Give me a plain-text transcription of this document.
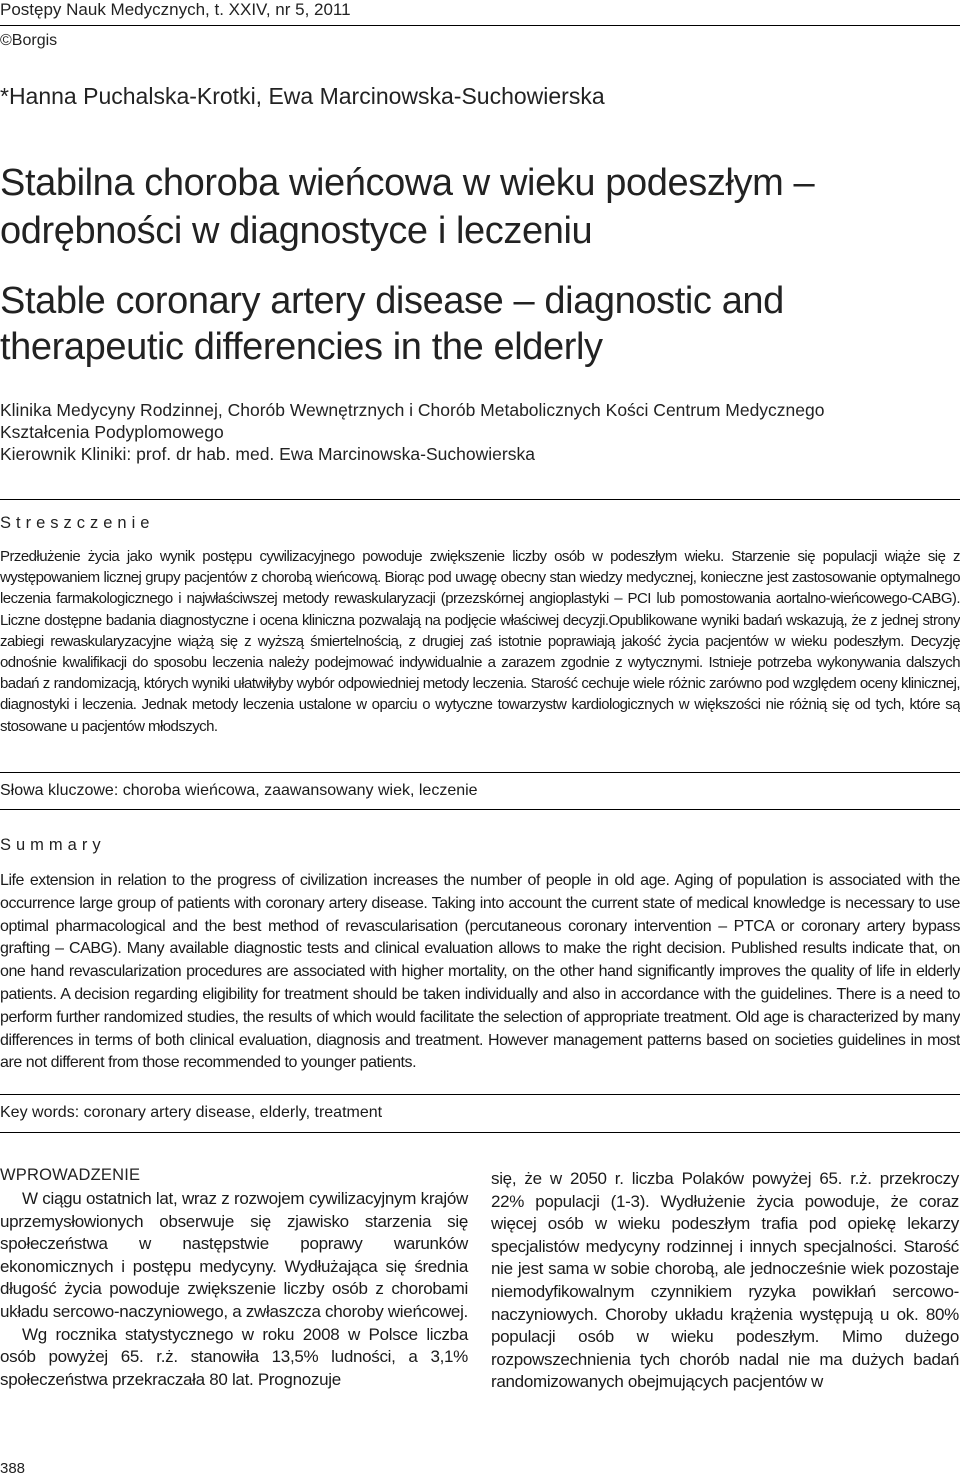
Postępy Nauk Medycznych, t. XXIV, nr 5, 2011
©Borgis
*Hanna Puchalska-Krotki, Ewa Marcinowska-Suchowierska
Stabilna choroba wieńcowa w wieku podeszłym – odrębności w diagnostyce i leczeniu
Stable coronary artery disease – diagnostic and therapeutic differencies in the elderly
Klinika Medycyny Rodzinnej, Chorób Wewnętrznych i Chorób Metabolicznych Kości Centrum Medycznego
Kształcenia Podyplomowego
Kierownik Kliniki: prof. dr hab. med. Ewa Marcinowska-Suchowierska
Streszczenie
Przedłużenie życia jako wynik postępu cywilizacyjnego powoduje zwiększenie liczby osób w podeszłym wieku. Starzenie się populacji wiąże się z występowaniem licznej grupy pacjentów z chorobą wieńcową. Biorąc pod uwagę obecny stan wiedzy medycznej, konieczne jest zastosowanie optymalnego leczenia farmakologicznego i najwłaściwszej metody rewaskularyzacji (przezskórnej angioplastyki – PCI lub pomostowania aortalno-wieńcowego-CABG). Liczne dostępne badania diagnostyczne i ocena kliniczna pozwalają na podjęcie właściwej decyzji.Opublikowane wyniki badań wskazują, że z jednej strony zabiegi rewaskularyzacyjne wiążą się z wyższą śmiertelnością, z drugiej zaś istotnie poprawiają jakość życia pacjentów w wieku podeszłym. Decyzję odnośnie kwalifikacji do sposobu leczenia należy podejmować indywidualnie a zarazem zgodnie z wytycznymi. Istnieje potrzeba wykonywania dalszych badań z randomizacją, których wyniki ułatwiłyby wybór odpowiedniej metody leczenia. Starość cechuje wiele różnic zarówno pod względem oceny klinicznej, diagnostyki i leczenia. Jednak metody leczenia ustalone w oparciu o wytyczne towarzystw kardiologicznych w większości nie różnią się od tych, które są stosowane u pacjentów młodszych.
Słowa kluczowe: choroba wieńcowa, zaawansowany wiek, leczenie
Summary
Life extension in relation to the progress of civilization increases the number of people in old age. Aging of population is associated with the occurrence large group of patients with coronary artery disease. Taking into account the current state of medical knowledge is necessary to use optimal pharmacological and the best method of revascularisation (percutaneous coronary intervention – PTCA or coronary artery bypass grafting – CABG). Many available diagnostic tests and clinical evaluation allows to make the right decision. Published results indicate that, on one hand revascularization procedures are associated with higher mortality, on the other hand significantly improves the quality of life in elderly patients. A decision regarding eligibility for treatment should be taken individually and also in accordance with the guidelines. There is a need to perform further randomized studies, the results of which would facilitate the selection of appropriate treatment. Old age is characterized by many differences in terms of both clinical evaluation, diagnosis and treatment. However management patterns based on societies guidelines in most are not different from those recommended to younger patients.
Key words: coronary artery disease, elderly, treatment
WPROWADZENIE

W ciągu ostatnich lat, wraz z rozwojem cywilizacyjnym krajów uprzemysłowionych obserwuje się zjawisko starzenia się społeczeństwa w następstwie poprawy warunków ekonomicznych i postępu medycyny. Wydłużająca się średnia długość życia powoduje zwiększenie liczby osób z chorobami układu sercowo-naczyniowego, a zwłaszcza choroby wieńcowej.

Wg rocznika statystycznego w roku 2008 w Polsce liczba osób powyżej 65. r.ż. stanowiła 13,5% ludności, a 3,1% społeczeństwa przekraczała 80 lat. Prognozuje

się, że w 2050 r. liczba Polaków powyżej 65. r.ż. przekroczy 22% populacji (1-3). Wydłużenie życia powoduje, że coraz więcej osób w wieku podeszłym trafia pod opiekę lekarzy specjalistów medycyny rodzinnej i innych specjalności. Starość nie jest sama w sobie chorobą, ale jednocześnie wiek pozostaje niemodyfikowalnym czynnikiem ryzyka powikłań sercowo-naczyniowych. Choroby układu krążenia występują u ok. 80% populacji osób w wieku podeszłym. Mimo dużego rozpowszechnienia tych chorób nadal nie ma dużych badań randomizowanych obejmujących pacjentów w

388
